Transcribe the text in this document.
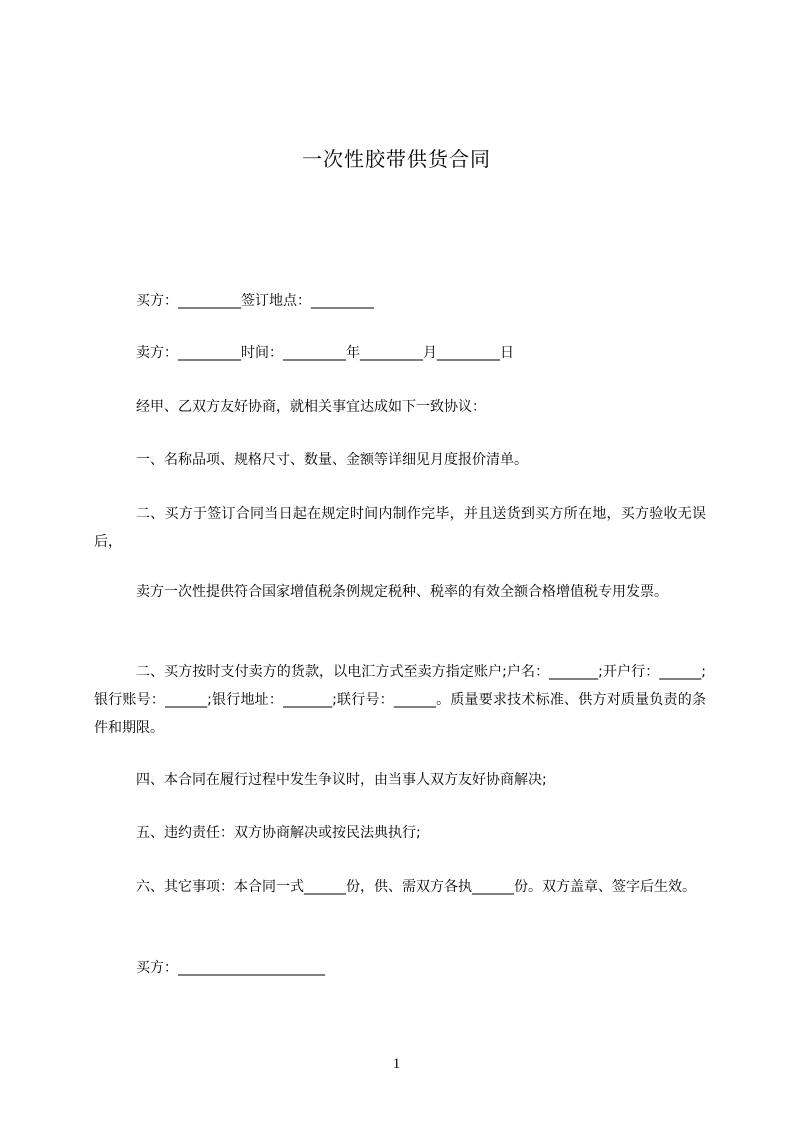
一次性胶带供货合同
买方：_________签订地点：_________
卖方：_________时间：_________年_________月_________日
经甲、乙双方友好协商，就相关事宜达成如下一致协议：
一、名称品项、规格尺寸、数量、金额等详细见月度报价清单。
二、买方于签订合同当日起在规定时间内制作完毕，并且送货到买方所在地，买方验收无误后，
卖方一次性提供符合国家增值税条例规定税种、税率的有效全额合格增值税专用发票。
二、买方按时支付卖方的货款，以电汇方式至卖方指定账户;户名：_______;开户行：______;银行账号：______;银行地址：_______;联行号：______。质量要求技术标准、供方对质量负责的条件和期限。
四、本合同在履行过程中发生争议时，由当事人双方友好协商解决;
五、违约责任：双方协商解决或按民法典执行;
六、其它事项：本合同一式______份，供、需双方各执______份。双方盖章、签字后生效。
买方：_____________________
1
